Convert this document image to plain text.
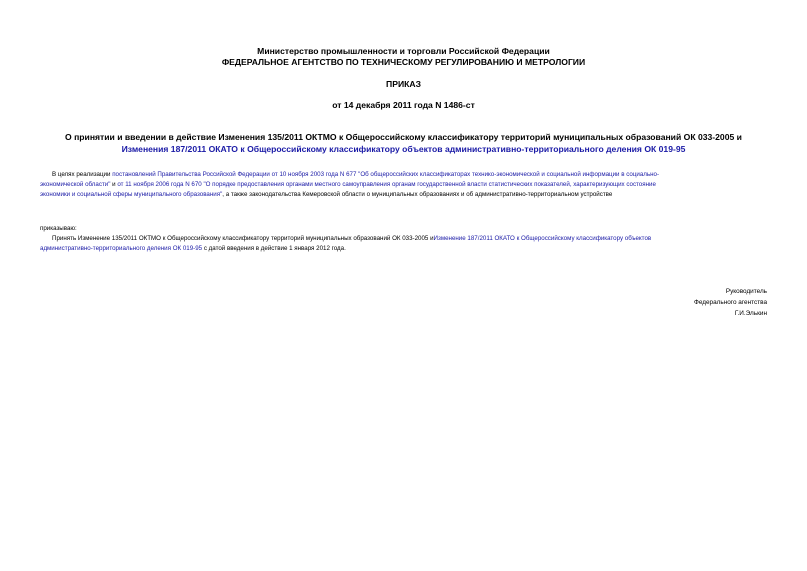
Министерство промышленности и торговли Российской Федерации
ФЕДЕРАЛЬНОЕ АГЕНТСТВО ПО ТЕХНИЧЕСКОМУ РЕГУЛИРОВАНИЮ И МЕТРОЛОГИИ
ПРИКАЗ
от 14 декабря 2011 года N 1486-ст
О принятии и введении в действие Изменения 135/2011 ОКТМО к Общероссийскому классификатору территорий муниципальных образований ОК 033-2005 и
Изменения 187/2011 ОКАТО к Общероссийскому классификатору объектов административно-территориального деления ОК 019-95
В целях реализации постановлений Правительства Российской Федерации от 10 ноября 2003 года N 677 "Об общероссийских классификаторах технико-экономической и социальной информации в социально-
экономической области" и от 11 ноября 2006 года N 670 "О порядке предоставления органами местного самоуправления органам государственной власти статистических показателей, характеризующих состояние
экономики и социальной сферы муниципального образования", а также законодательства Кемеровской области о муниципальных образованиях и об административно-территориальном устройстве
приказываю:
Принять Изменение 135/2011 ОКТМО к Общероссийскому классификатору территорий муниципальных образований ОК 033-2005 иИзменение 187/2011 ОКАТО к Общероссийскому классификатору объектов
административно-территориального деления ОК 019-95 с датой введения в действие 1 января 2012 года.
Руководитель
Федерального агентства
Г.И.Элькин
